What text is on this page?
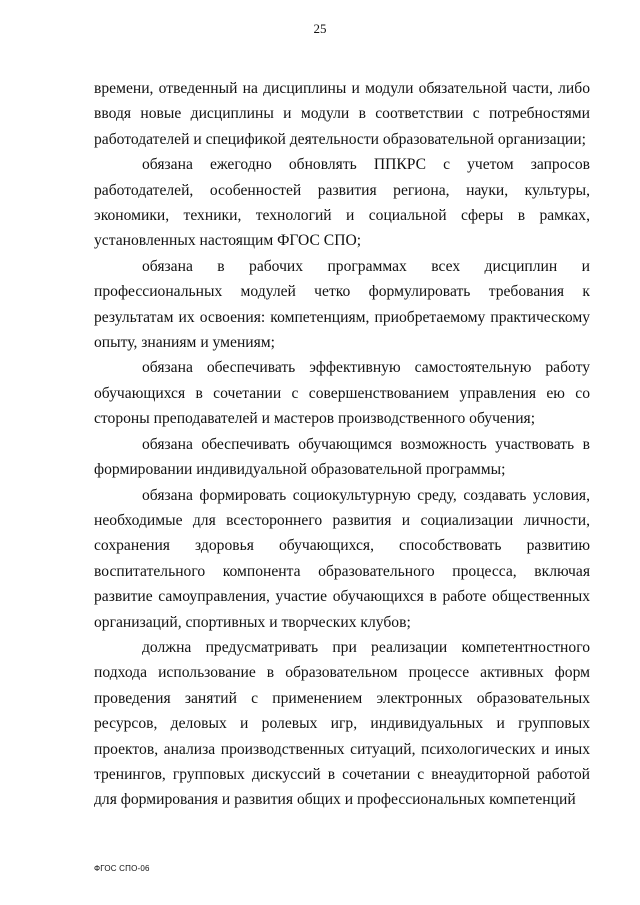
25

времени, отведенный на дисциплины и модули обязательной части, либо вводя новые дисциплины и модули в соответствии с потребностями работодателей и спецификой деятельности образовательной организации;

обязана ежегодно обновлять ППКРС с учетом запросов работодателей, особенностей развития региона, науки, культуры, экономики, техники, технологий и социальной сферы в рамках, установленных настоящим ФГОС СПО;

обязана в рабочих программах всех дисциплин и профессиональных модулей четко формулировать требования к результатам их освоения: компетенциям, приобретаемому практическому опыту, знаниям и умениям;

обязана обеспечивать эффективную самостоятельную работу обучающихся в сочетании с совершенствованием управления ею со стороны преподавателей и мастеров производственного обучения;

обязана обеспечивать обучающимся возможность участвовать в формировании индивидуальной образовательной программы;

обязана формировать социокультурную среду, создавать условия, необходимые для всестороннего развития и социализации личности, сохранения здоровья обучающихся, способствовать развитию воспитательного компонента образовательного процесса, включая развитие самоуправления, участие обучающихся в работе общественных организаций, спортивных и творческих клубов;

должна предусматривать при реализации компетентностного подхода использование в образовательном процессе активных форм проведения занятий с применением электронных образовательных ресурсов, деловых и ролевых игр, индивидуальных и групповых проектов, анализа производственных ситуаций, психологических и иных тренингов, групповых дискуссий в сочетании с внеаудиторной работой для формирования и развития общих и профессиональных компетенций

ФГОС СПО-06
